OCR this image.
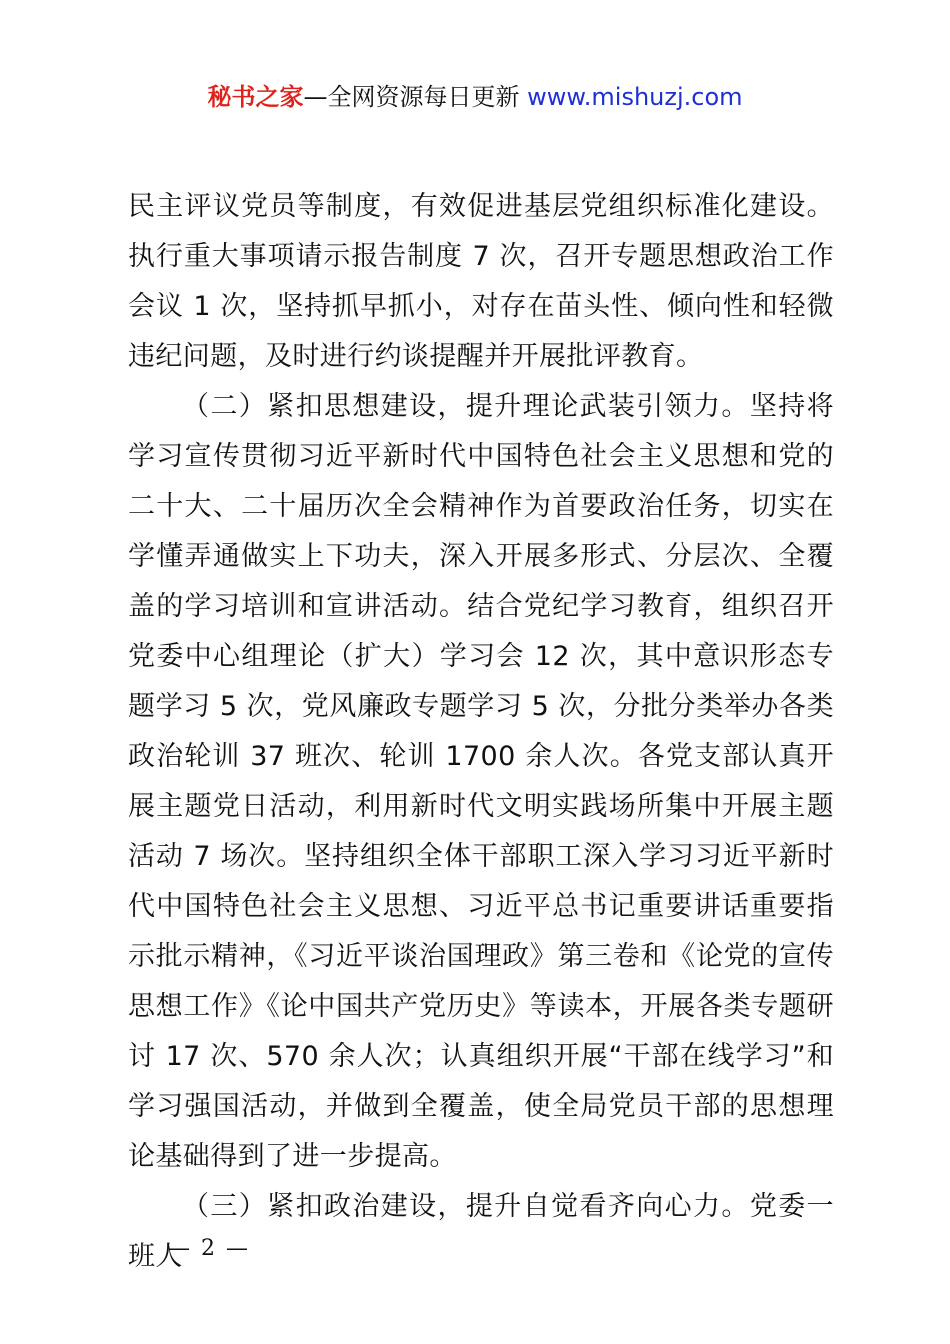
秘书之家—全网资源每日更新 www.mishuzj.com

民主评议党员等制度，有效促进基层党组织标准化建设。执行重大事项请示报告制度 7 次，召开专题思想政治工作会议 1 次，坚持抓早抓小，对存在苗头性、倾向性和轻微违纪问题，及时进行约谈提醒并开展批评教育。

（二）紧扣思想建设，提升理论武装引领力。坚持将学习宣传贯彻习近平新时代中国特色社会主义思想和党的二十大、二十届历次全会精神作为首要政治任务，切实在学懂弄通做实上下功夫，深入开展多形式、分层次、全覆盖的学习培训和宣讲活动。结合党纪学习教育，组织召开党委中心组理论（扩大）学习会 12 次，其中意识形态专题学习 5 次，党风廉政专题学习 5 次，分批分类举办各类政治轮训 37 班次、轮训 1700 余人次。各党支部认真开展主题党日活动，利用新时代文明实践场所集中开展主题活动 7 场次。坚持组织全体干部职工深入学习习近平新时代中国特色社会主义思想、习近平总书记重要讲话重要指示批示精神，《习近平谈治国理政》第三卷和《论党的宣传思想工作》《论中国共产党历史》等读本，开展各类专题研讨 17 次、570 余人次；认真组织开展“干部在线学习”和学习强国活动，并做到全覆盖，使全局党员干部的思想理论基础得到了进一步提高。

（三）紧扣政治建设，提升自觉看齐向心力。党委一班人

— 2 —
